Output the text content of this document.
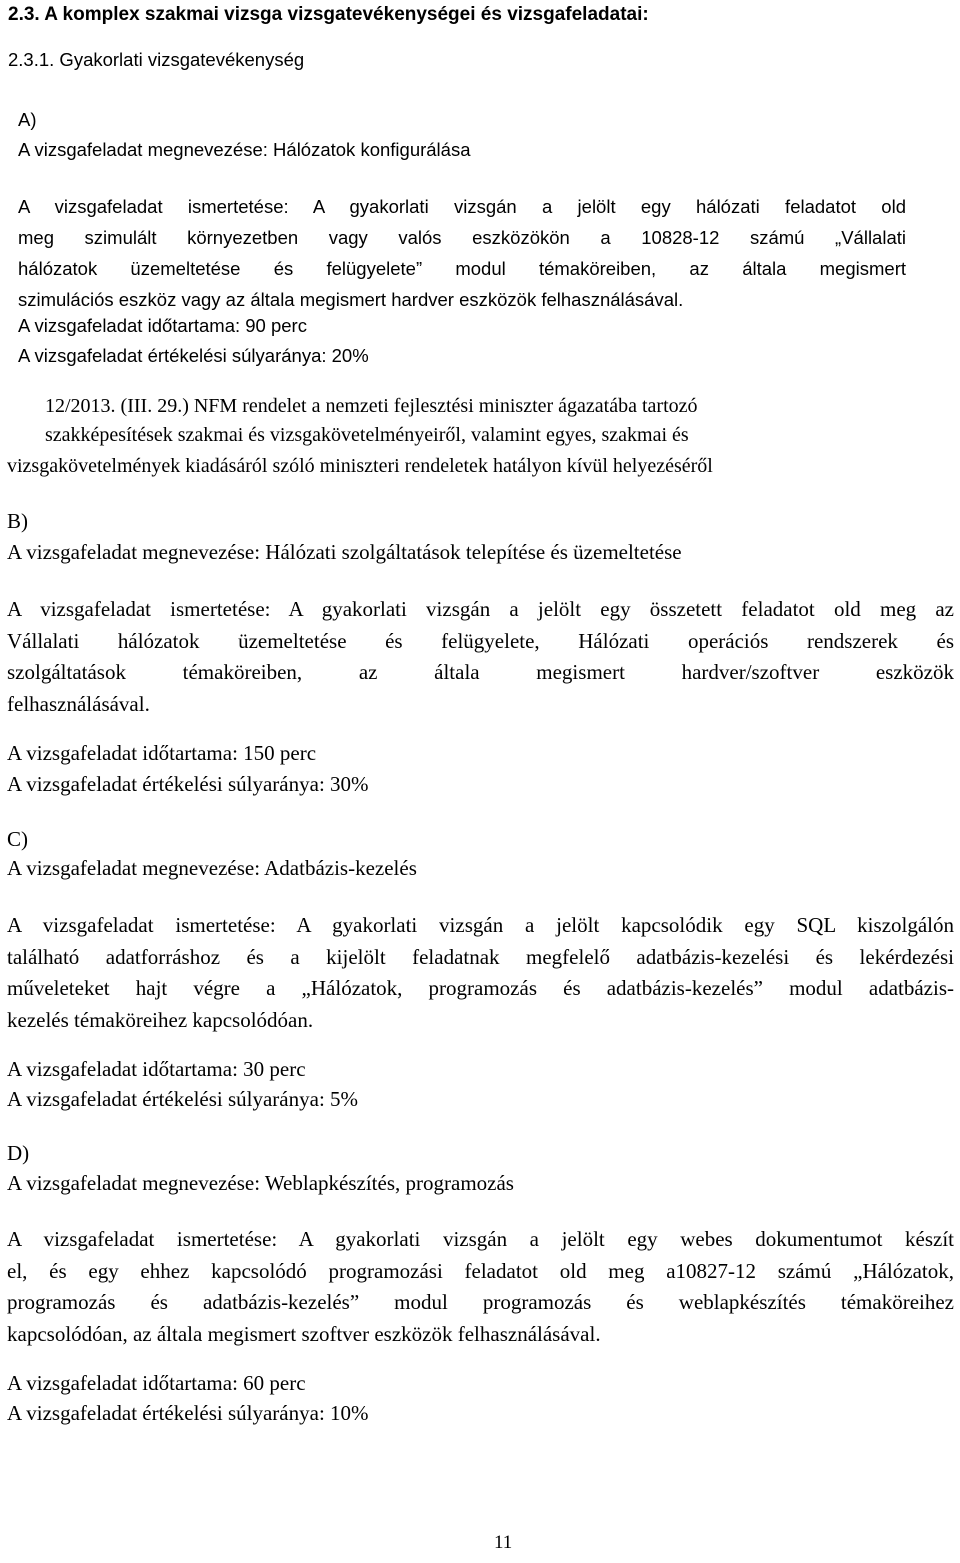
2.3. A komplex szakmai vizsga vizsgatevékenységei és vizsgafeladatai:
2.3.1. Gyakorlati vizsgatevékenység
A)
A vizsgafeladat megnevezése: Hálózatok konfigurálása
A vizsgafeladat ismertetése: A gyakorlati vizsgán a jelölt egy hálózati feladatot old
meg szimulált környezetben vagy valós eszközökön a 10828-12 számú „Vállalati
hálózatok üzemeltetése és felügyelete” modul témaköreiben, az általa megismert
szimulációs eszköz vagy az általa megismert hardver eszközök felhasználásával.
A vizsgafeladat időtartama: 90 perc
A vizsgafeladat értékelési súlyaránya: 20%
12/2013. (III. 29.) NFM rendelet a nemzeti fejlesztési miniszter ágazatába tartozó
szakképesítések szakmai és vizsgakövetelményeiről, valamint egyes, szakmai és
vizsgakövetelmények kiadásáról szóló miniszteri rendeletek hatályon kívül helyezéséről
B)
A vizsgafeladat megnevezése: Hálózati szolgáltatások telepítése és üzemeltetése
A vizsgafeladat ismertetése: A gyakorlati vizsgán a jelölt egy összetett feladatot old meg az
Vállalati hálózatok üzemeltetése és felügyelete, Hálózati operációs rendszerek és
szolgáltatások témaköreiben, az általa megismert hardver/szoftver eszközök
felhasználásával.
A vizsgafeladat időtartama: 150 perc
A vizsgafeladat értékelési súlyaránya: 30%
C)
A vizsgafeladat megnevezése: Adatbázis-kezelés
A vizsgafeladat ismertetése: A gyakorlati vizsgán a jelölt kapcsolódik egy SQL kiszolgálón
található adatforráshoz és a kijelölt feladatnak megfelelő adatbázis-kezelési és lekérdezési
műveleteket hajt végre a „Hálózatok, programozás és adatbázis-kezelés” modul adatbázis-
kezelés témaköreihez kapcsolódóan.
A vizsgafeladat időtartama: 30 perc
A vizsgafeladat értékelési súlyaránya: 5%
D)
A vizsgafeladat megnevezése: Weblapkészítés, programozás
A vizsgafeladat ismertetése: A gyakorlati vizsgán a jelölt egy webes dokumentumot készít
el, és egy ehhez kapcsolódó programozási feladatot old meg a10827-12 számú „Hálózatok,
programozás és adatbázis-kezelés” modul programozás és weblapkészítés témaköreihez
kapcsolódóan, az általa megismert szoftver eszközök felhasználásával.
A vizsgafeladat időtartama: 60 perc
A vizsgafeladat értékelési súlyaránya: 10%
11
